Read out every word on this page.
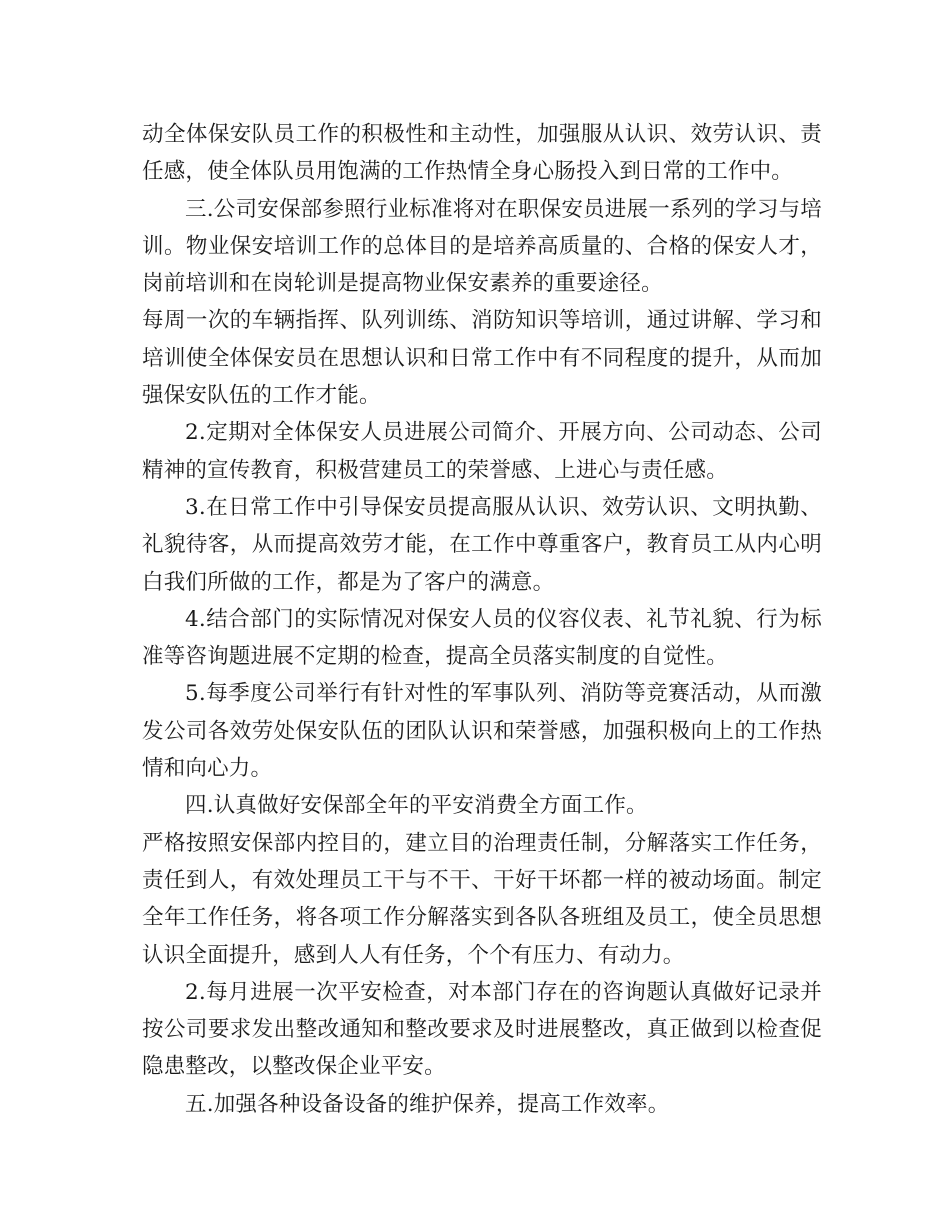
动全体保安队员工作的积极性和主动性，加强服从认识、效劳认识、责任感，使全体队员用饱满的工作热情全身心肠投入到日常的工作中。

三.公司安保部参照行业标准将对在职保安员进展一系列的学习与培训。物业保安培训工作的总体目的是培养高质量的、合格的保安人才，岗前培训和在岗轮训是提高物业保安素养的重要途径。

每周一次的车辆指挥、队列训练、消防知识等培训，通过讲解、学习和培训使全体保安员在思想认识和日常工作中有不同程度的提升，从而加强保安队伍的工作才能。

2.定期对全体保安人员进展公司简介、开展方向、公司动态、公司精神的宣传教育，积极营建员工的荣誉感、上进心与责任感。

3.在日常工作中引导保安员提高服从认识、效劳认识、文明执勤、礼貌待客，从而提高效劳才能，在工作中尊重客户，教育员工从内心明白我们所做的工作，都是为了客户的满意。

4.结合部门的实际情况对保安人员的仪容仪表、礼节礼貌、行为标准等咨询题进展不定期的检查，提高全员落实制度的自觉性。

5.每季度公司举行有针对性的军事队列、消防等竞赛活动，从而激发公司各效劳处保安队伍的团队认识和荣誉感，加强积极向上的工作热情和向心力。

四.认真做好安保部全年的平安消费全方面工作。

严格按照安保部内控目的，建立目的治理责任制，分解落实工作任务，责任到人，有效处理员工干与不干、干好干坏都一样的被动场面。制定全年工作任务，将各项工作分解落实到各队各班组及员工，使全员思想认识全面提升，感到人人有任务，个个有压力、有动力。

2.每月进展一次平安检查，对本部门存在的咨询题认真做好记录并按公司要求发出整改通知和整改要求及时进展整改，真正做到以检查促隐患整改，以整改保企业平安。

五.加强各种设备设备的维护保养，提高工作效率。
